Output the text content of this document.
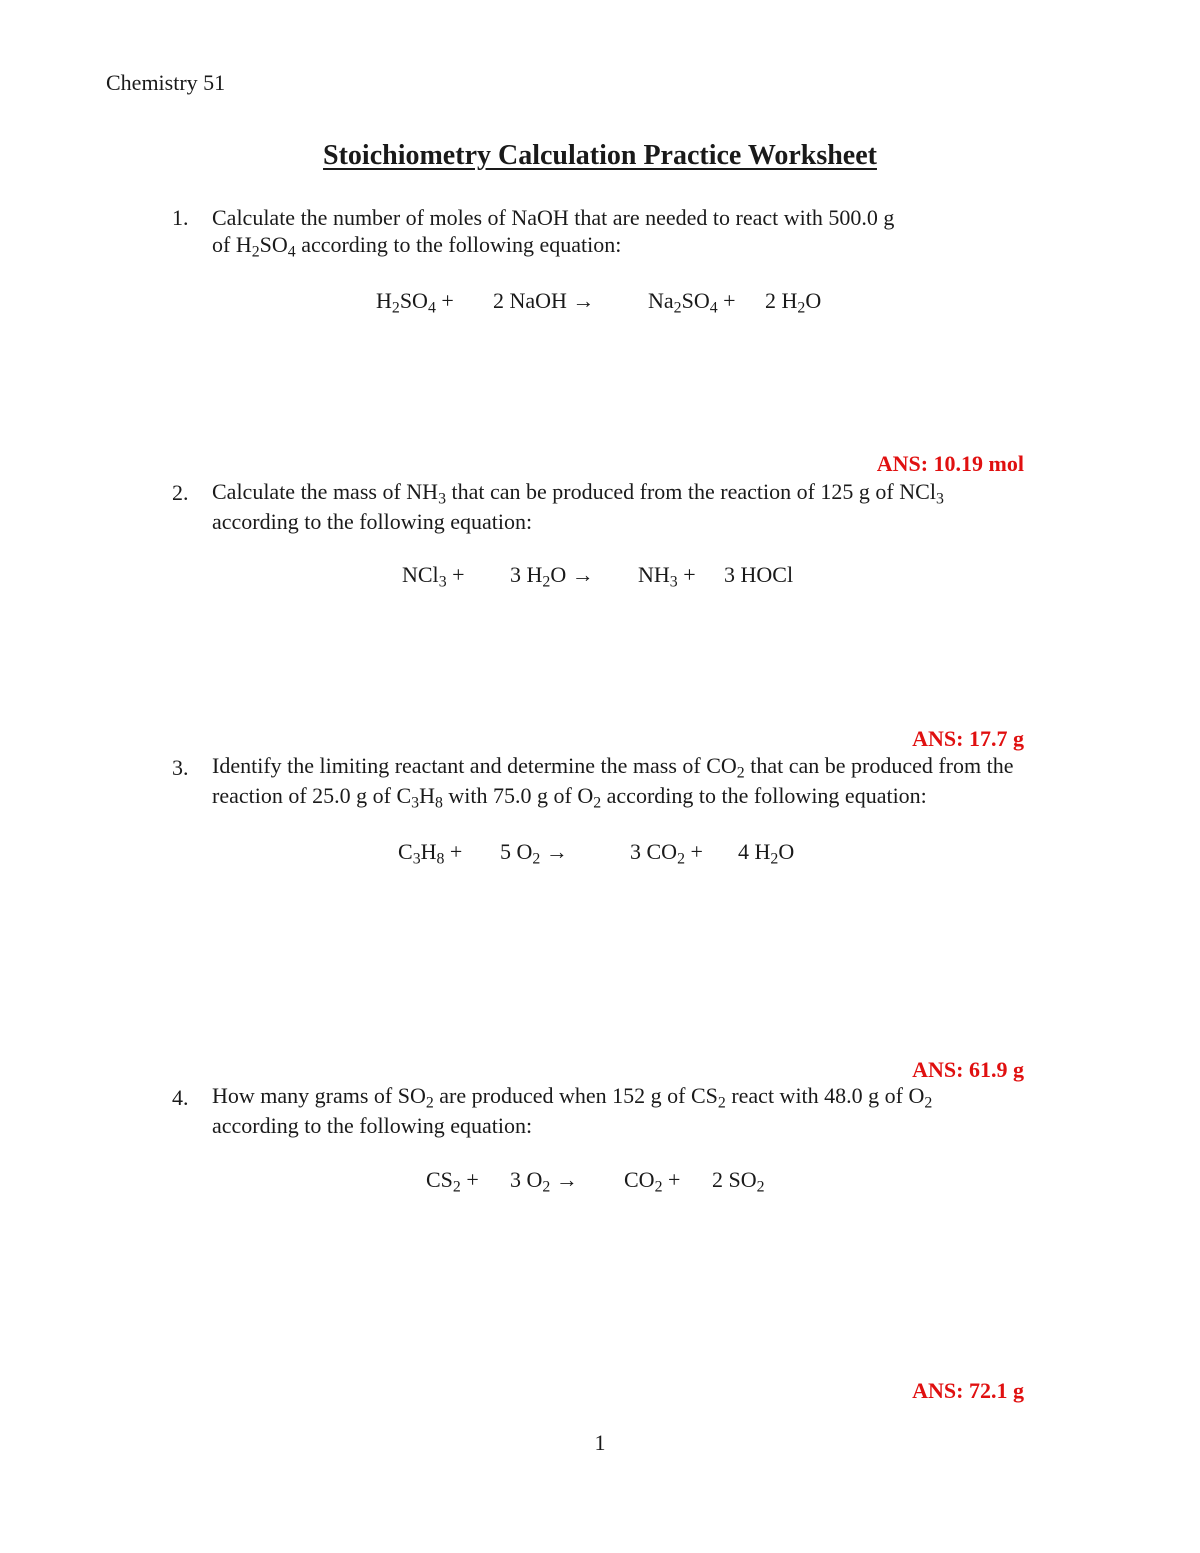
Chemistry 51
Stoichiometry Calculation Practice Worksheet
1. Calculate the number of moles of NaOH that are needed to react with 500.0 g
of $H_2SO_4$ according to the following equation:
$H_2SO_4 + 2$ NaOH → $Na_2SO_4 + 2$ $H_2O$
ANS: 10.19 mol
2. Calculate the mass of $NH_3$ that can be produced from the reaction of 125 g of NCl$_3$
according to the following equation:
NCl$_3$ + 3 $H_2O \to NH_3 + 3$ HOCl
ANS: 17.7 g
3. Identify the limiting reactant and determine the mass of $CO_2$ that can be produced from the
reaction of 25.0 g of $C_3H_8$ with 75.0 g of $O_2$ according to the following equation:
$C_3H_8 + 5$ $O_2$ →	3 $CO_2 + 4$ $H_2O$
ANS: 61.9 g
4. How many grams of $SO_2$ are produced when 152 g of $CS_2$ react with 48.0 g of $O_2$
according to the following equation:
$CS_2 + 3$ $O_2 \to CO_2 + 2$ $SO_2$
ANS: 72.1 g
1
